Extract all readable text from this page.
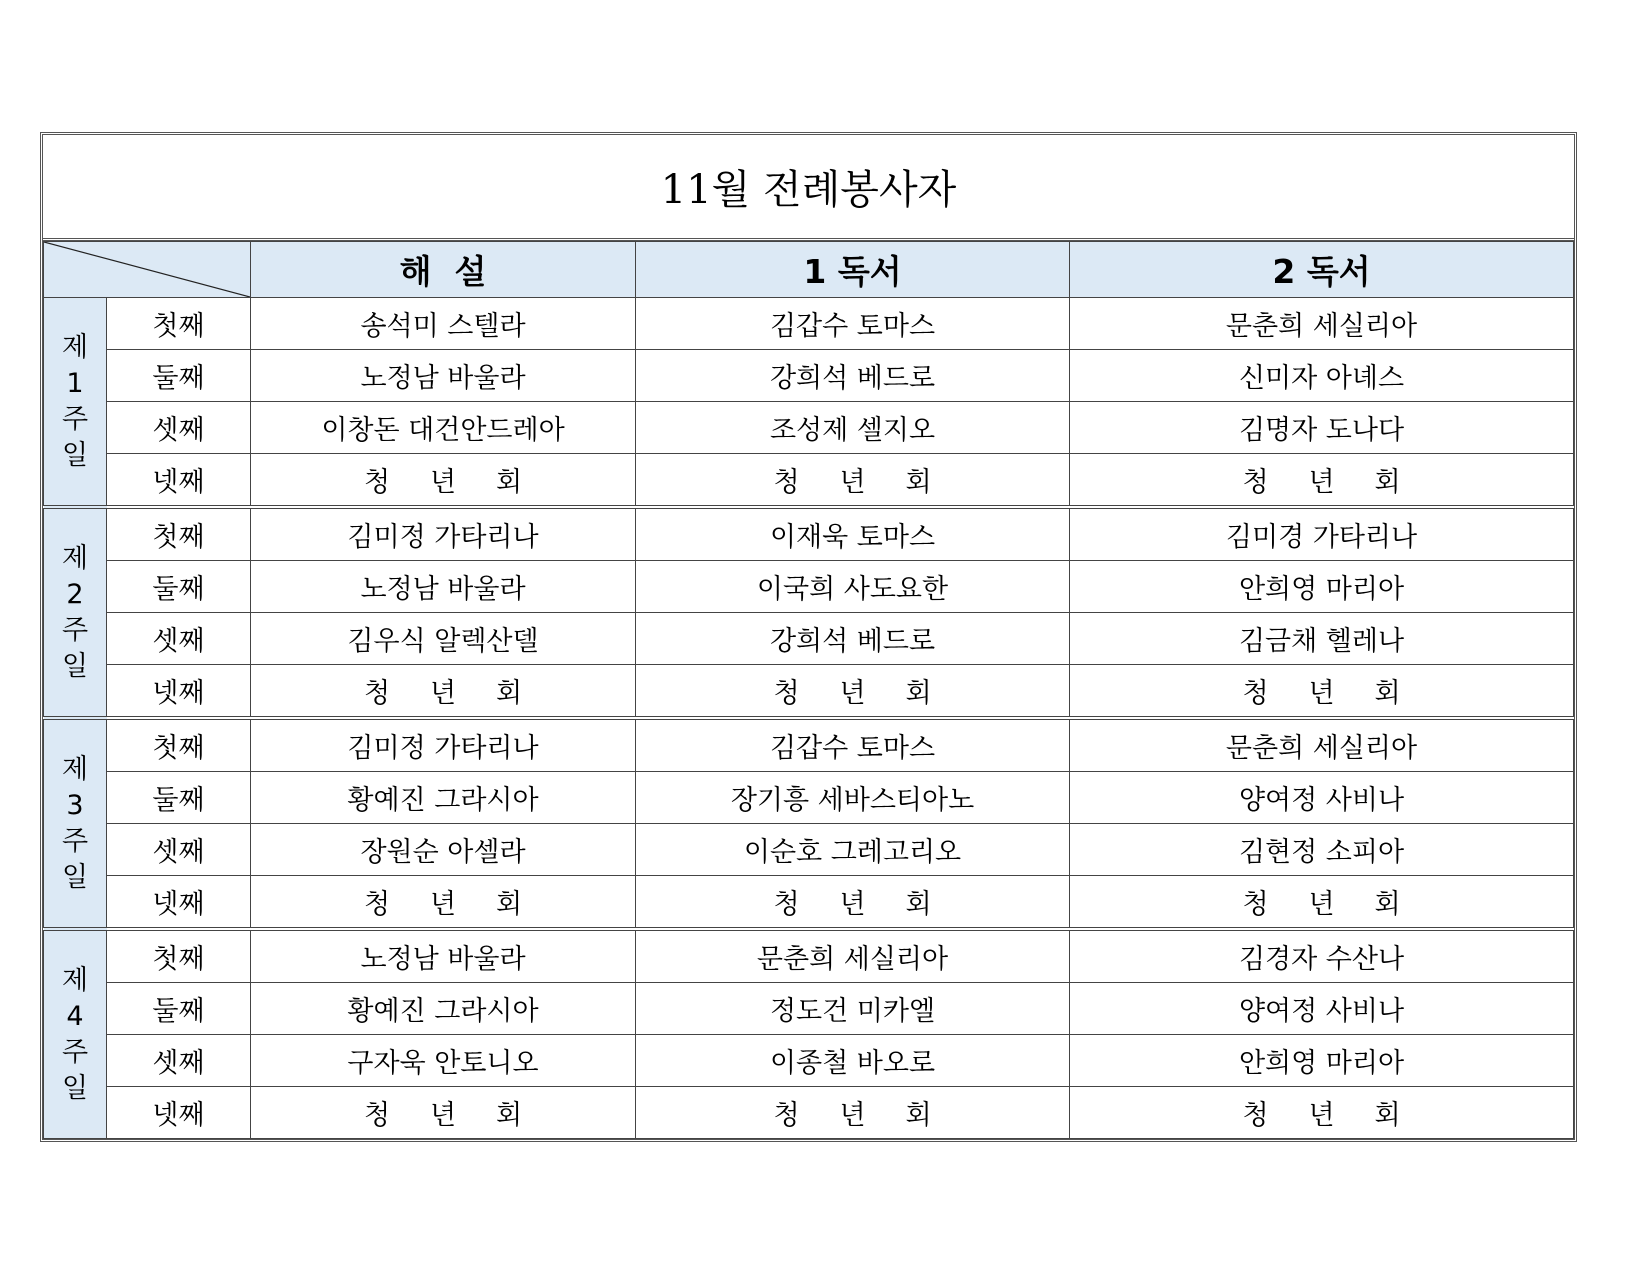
11월 전례봉사자
	해  설	1 독서	2 독서

제
1
주
일	첫째	송석미 스텔라	김갑수 토마스	문춘희 세실리아
	둘째	노정남 바울라	강희석 베드로	신미자 아녜스
	셋째	이창돈 대건안드레아	조성제 셀지오	김명자 도나다
	넷째	청 년 회	청 년 회	청 년 회

제
2
주
일	첫째	김미정 가타리나	이재욱 토마스	김미경 가타리나
	둘째	노정남 바울라	이국희 사도요한	안희영 마리아
	셋째	김우식 알렉산델	강희석 베드로	김금채 헬레나
	넷째	청 년 회	청 년 회	청 년 회

제
3
주
일	첫째	김미정 가타리나	김갑수 토마스	문춘희 세실리아
	둘째	황예진 그라시아	장기흥 세바스티아노	양여정 사비나
	셋째	장원순 아셀라	이순호 그레고리오	김현정 소피아
	넷째	청 년 회	청 년 회	청 년 회

제
4
주
일	첫째	노정남 바울라	문춘희 세실리아	김경자 수산나
	둘째	황예진 그라시아	정도건 미카엘	양여정 사비나
	셋째	구자욱 안토니오	이종철 바오로	안희영 마리아
	넷째	청 년 회	청 년 회	청 년 회
